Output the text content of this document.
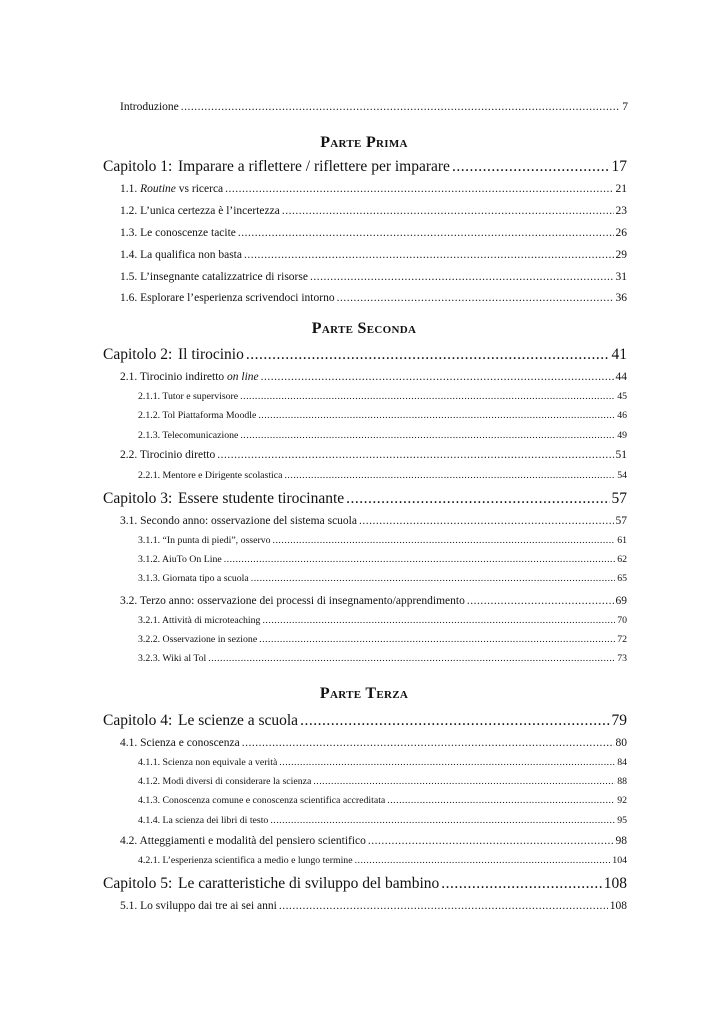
Introduzione .....	7
Parte Prima
Parte Seconda
Parte Terza
Capitolo 1: Imparare a riflettere / riflettere per imparare .....	17
1.1. Routine vs ricerca .....	21
1.2. L’unica certezza è l’incertezza .....	23
1.3. Le conoscenze tacite .....	26
1.4. La qualifica non basta .....	29
1.5. L’insegnante catalizzatrice di risorse .....	31
1.6. Esplorare l’esperienza scrivendoci intorno .....	36
Capitolo 2: Il tirocinio .....	41
2.1. Tirocinio indiretto on line .....	44
2.1.1. Tutor e supervisore .....	45
2.1.2. Tol Piattaforma Moodle .....	46
2.1.3. Telecomunicazione .....	49
2.2. Tirocinio diretto .....	51
2.2.1. Mentore e Dirigente scolastica .....	54
Capitolo 3: Essere studente tirocinante .....	57
3.1. Secondo anno: osservazione del sistema scuola .....	57
3.1.1. “In punta di piedi”, osservo .....	61
3.1.2. AiuTo On Line .....	62
3.1.3. Giornata tipo a scuola .....	65
3.2. Terzo anno: osservazione dei processi di insegnamento/apprendimento .....	69
3.2.1. Attività di microteaching .....	70
3.2.2. Osservazione in sezione .....	72
3.2.3. Wiki al Tol .....	73
Capitolo 4: Le scienze a scuola .....	79
4.1. Scienza e conoscenza .....	80
4.1.1. Scienza non equivale a verità .....	84
4.1.2. Modi diversi di considerare la scienza .....	88
4.1.3. Conoscenza comune e conoscenza scientifica accreditata .....	92
4.1.4. La scienza dei libri di testo .....	95
4.2. Atteggiamenti e modalità del pensiero scientifico .....	98
4.2.1. L’esperienza scientifica a medio e lungo termine .....	104
Capitolo 5: Le caratteristiche di sviluppo del bambino .....	108
5.1. Lo sviluppo dai tre ai sei anni .....	108
